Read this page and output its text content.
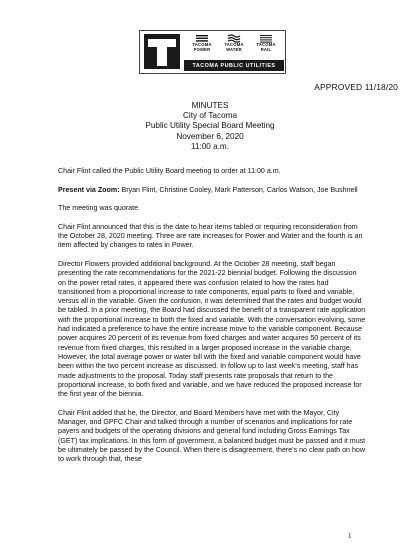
TACOMA
POWER
TACOMA
WATER
TACOMA
RAIL
TACOMA PUBLIC UTILITIES
APPROVED 11/18/20
MINUTES
City of Tacoma
Public Utility Special Board Meeting
November 6, 2020
11:00 a.m.

Chair Flint called the Public Utility Board meeting to order at 11:00 a.m.

Present via Zoom: Bryan Flint, Christine Cooley, Mark Patterson, Carlos Watson, Joe Bushnell

The meeting was quorate.

Chair Flint announced that this is the date to hear items tabled or requiring reconsideration from the October 28, 2020 meeting. Three are rate increases for Power and Water and the fourth is an item affected by changes to rates in Power.

Director Flowers provided additional background. At the October 28 meeting, staff began presenting the rate recommendations for the 2021-22 biennial budget. Following the discussion on the power retail rates, it appeared there was confusion related to how the rates had transitioned from a proportional increase to rate components, equal parts to fixed and variable, versus all in the variable. Given the confusion, it was determined that the rates and budget would be tabled. In a prior meeting, the Board had discussed the benefit of a transparent rate application with the proportional increase to both the fixed and variable. With the conversation evolving, some had indicated a preference to have the entire increase move to the variable component. Because power acquires 20 percent of its revenue from fixed charges and water acquires 50 percent of its revenue from fixed charges, this resulted in a larger proposed increase in the variable charge. However, the total average power or water bill with the fixed and variable component would have been within the two percent increase as discussed. In follow up to last week's meeting, staff has made adjustments to the proposal. Today staff presents rate proposals that return to the proportional increase, to both fixed and variable, and we have reduced the proposed increase for the first year of the biennia.

Chair Flint added that he, the Director, and Board Members have met with the Mayor, City Manager, and GPFC Chair and talked through a number of scenarios and implications for rate payers and budgets of the operating divisions and general fund including Gross Earnings Tax (GET) tax implications. In this form of government, a balanced budget must be passed and it must be ultimately be passed by the Council. When there is disagreement, there's no clear path on how to work through that, these

1
